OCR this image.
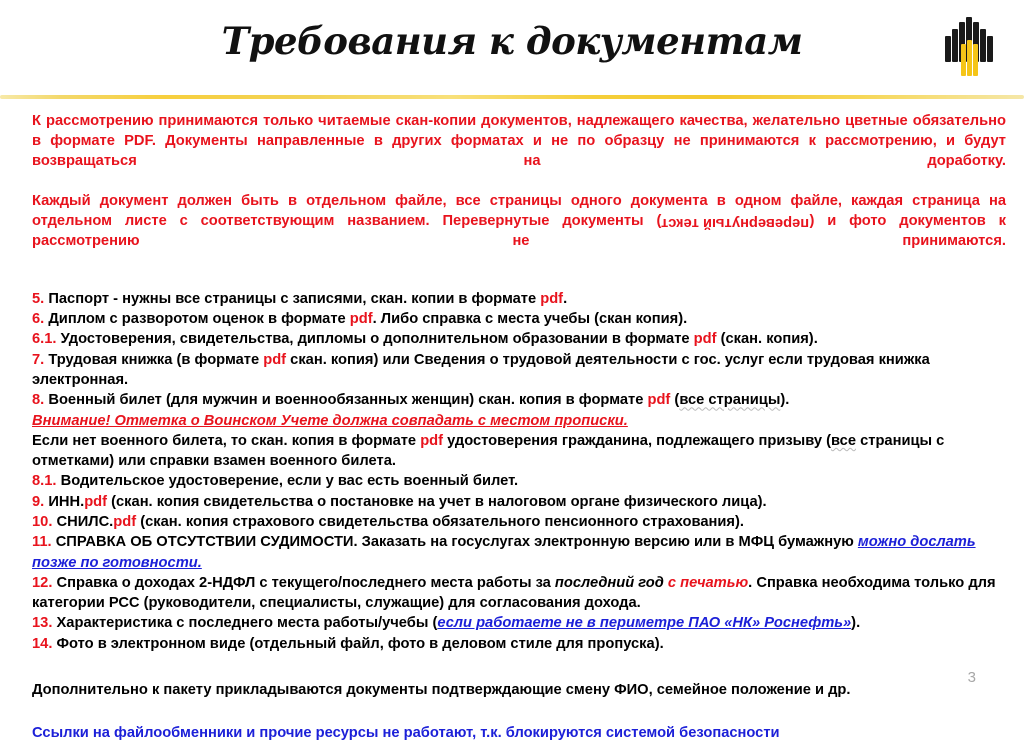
Требования к документам

К рассмотрению принимаются только читаемые скан-копии документов, надлежащего качества, желательно цветные обязательно в формате PDF. Документы направленные в других форматах и не по образцу не принимаются к рассмотрению, и будут возвращаться на доработку.

Каждый документ должен быть в отдельном файле, все страницы одного документа в одном файле, каждая страница на отдельном листе с соответствующим названием. Перевернутые документы (перевернутый текст) и фото документов к рассмотрению не принимаются.

5. Паспорт - нужны все страницы с записями, скан. копии в формате pdf.
6. Диплом с разворотом оценок в формате pdf. Либо справка с места учебы (скан копия).
6.1. Удостоверения, свидетельства, дипломы о дополнительном образовании в формате pdf (скан. копия).
7. Трудовая книжка (в формате pdf скан. копия) или Сведения о трудовой деятельности с гос. услуг если трудовая книжка электронная.
8. Военный билет (для мужчин и военнообязанных женщин) скан. копия в формате pdf (все страницы).
Внимание! Отметка о Воинском Учете должна совпадать с местом прописки.
Если нет военного билета, то скан. копия в формате pdf удостоверения гражданина, подлежащего призыву (все страницы с отметками) или справки взамен военного билета.
8.1. Водительское удостоверение, если у вас есть военный билет.
9. ИНН.pdf (скан. копия свидетельства о постановке на учет в налоговом органе физического лица).
10. СНИЛС.pdf (скан. копия страхового свидетельства обязательного пенсионного страхования).
11. СПРАВКА ОБ ОТСУТСТВИИ СУДИМОСТИ. Заказать на госуслугах электронную версию или в МФЦ бумажную можно дослать позже по готовности.
12. Справка о доходах 2-НДФЛ с текущего/последнего места работы за последний год с печатью. Справка необходима только для категории РСС (руководители, специалисты, служащие) для согласования дохода.
13. Характеристика с последнего места работы/учебы (если работаете не в периметре ПАО «НК» Роснефть»).
14. Фото в электронном виде (отдельный файл, фото в деловом стиле для пропуска).
Дополнительно к пакету прикладываются документы подтверждающие смену ФИО, семейное положение и др.
Ссылки на файлообменники и прочие ресурсы не работают, т.к. блокируются системой безопасности
3
